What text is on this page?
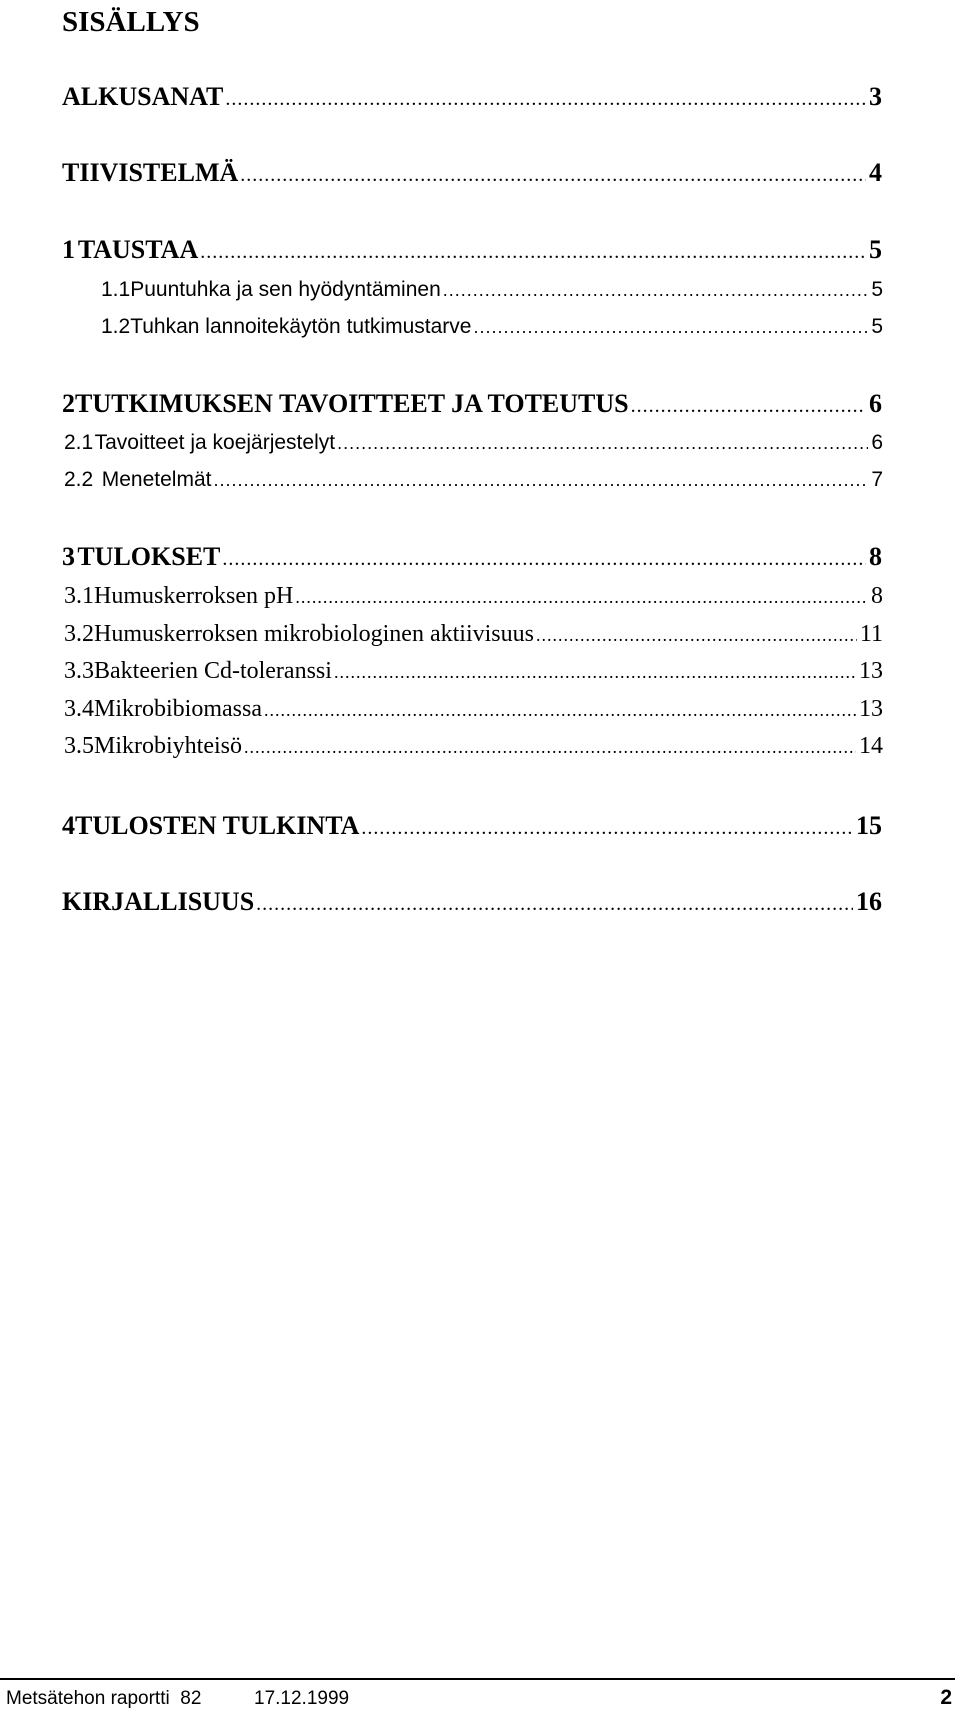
SISÄLLYS
ALKUSANAT .....	3
TIIVISTELMÄ .....	4
1 TAUSTAA .....	5
1.1 Puuntuhka ja sen hyödyntäminen .....	5
1.2 Tuhkan lannoitekäytön tutkimustarve .....	5
2 TUTKIMUKSEN TAVOITTEET JA TOTEUTUS .....	6
2.1 Tavoitteet ja koejärjestelyt .....	6
2.2 Menetelmät .....	7
3 TULOKSET .....	8
3.1 Humuskerroksen pH .....	8
3.2 Humuskerroksen mikrobiologinen aktiivisuus .....	11
3.3 Bakteerien Cd-toleranssi .....	13
3.4 Mikrobibiomassa .....	13
3.5 Mikrobiyhteisö .....	14
4 TULOSTEN TULKINTA .....	15
KIRJALLISUUS .....	16
Metsätehon raportti  82	17.12.1999	2
